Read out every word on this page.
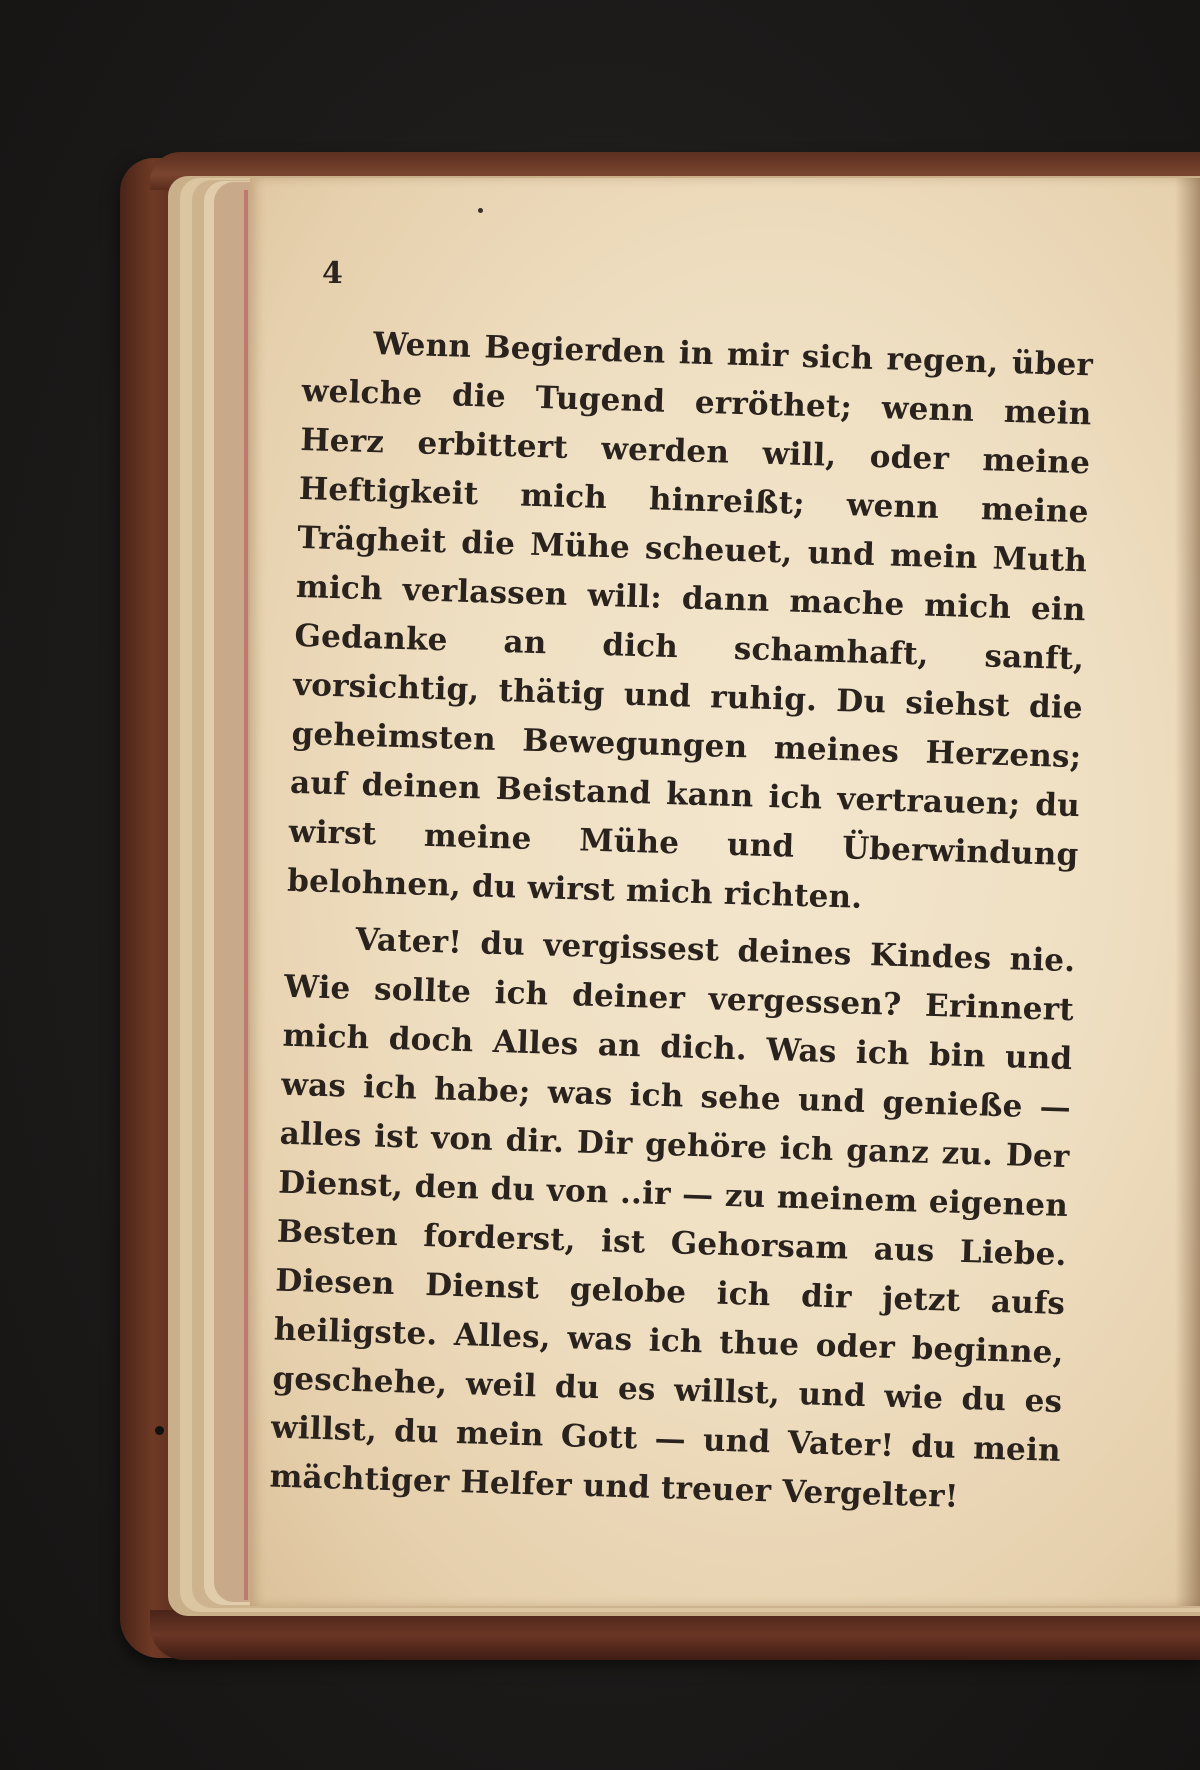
4

Wenn Begierden in mir sich regen, über welche die Tugend erröthet; wenn mein Herz erbittert werden will, oder meine Heftigkeit mich hinreißt; wenn meine Trägheit die Mühe scheuet, und mein Muth mich verlassen will: dann mache mich ein Gedanke an dich schamhaft, sanft, vorsichtig, thätig und ruhig. Du siehst die geheimsten Bewegungen meines Herzens; auf deinen Beistand kann ich vertrauen; du wirst meine Mühe und Überwindung belohnen, du wirst mich richten.

Vater! du vergissest deines Kindes nie. Wie sollte ich deiner vergessen? Erinnert mich doch Alles an dich. Was ich bin und was ich habe; was ich sehe und genieße — alles ist von dir. Dir gehöre ich ganz zu. Der Dienst, den du von ..ir — zu meinem eigenen Besten forderst, ist Gehorsam aus Liebe. Diesen Dienst gelobe ich dir jetzt aufs heiligste. Alles, was ich thue oder beginne, geschehe, weil du es willst, und wie du es willst, du mein Gott — und Vater! du mein mächtiger Helfer und treuer Vergelter!
